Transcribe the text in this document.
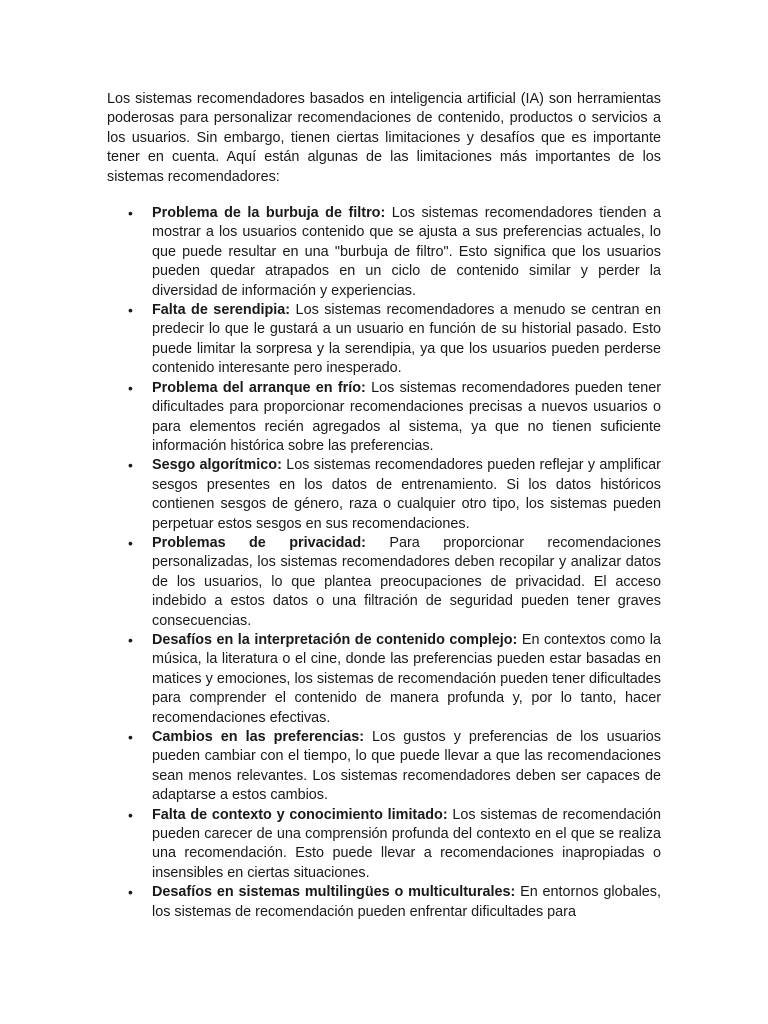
Los sistemas recomendadores basados en inteligencia artificial (IA) son herramientas poderosas para personalizar recomendaciones de contenido, productos o servicios a los usuarios. Sin embargo, tienen ciertas limitaciones y desafíos que es importante tener en cuenta. Aquí están algunas de las limitaciones más importantes de los sistemas recomendadores:

• Problema de la burbuja de filtro: Los sistemas recomendadores tienden a mostrar a los usuarios contenido que se ajusta a sus preferencias actuales, lo que puede resultar en una "burbuja de filtro". Esto significa que los usuarios pueden quedar atrapados en un ciclo de contenido similar y perder la diversidad de información y experiencias.
• Falta de serendipia: Los sistemas recomendadores a menudo se centran en predecir lo que le gustará a un usuario en función de su historial pasado. Esto puede limitar la sorpresa y la serendipia, ya que los usuarios pueden perderse contenido interesante pero inesperado.
• Problema del arranque en frío: Los sistemas recomendadores pueden tener dificultades para proporcionar recomendaciones precisas a nuevos usuarios o para elementos recién agregados al sistema, ya que no tienen suficiente información histórica sobre las preferencias.
• Sesgo algorítmico: Los sistemas recomendadores pueden reflejar y amplificar sesgos presentes en los datos de entrenamiento. Si los datos históricos contienen sesgos de género, raza o cualquier otro tipo, los sistemas pueden perpetuar estos sesgos en sus recomendaciones.
• Problemas de privacidad: Para proporcionar recomendaciones personalizadas, los sistemas recomendadores deben recopilar y analizar datos de los usuarios, lo que plantea preocupaciones de privacidad. El acceso indebido a estos datos o una filtración de seguridad pueden tener graves consecuencias.
• Desafíos en la interpretación de contenido complejo: En contextos como la música, la literatura o el cine, donde las preferencias pueden estar basadas en matices y emociones, los sistemas de recomendación pueden tener dificultades para comprender el contenido de manera profunda y, por lo tanto, hacer recomendaciones efectivas.
• Cambios en las preferencias: Los gustos y preferencias de los usuarios pueden cambiar con el tiempo, lo que puede llevar a que las recomendaciones sean menos relevantes. Los sistemas recomendadores deben ser capaces de adaptarse a estos cambios.
• Falta de contexto y conocimiento limitado: Los sistemas de recomendación pueden carecer de una comprensión profunda del contexto en el que se realiza una recomendación. Esto puede llevar a recomendaciones inapropiadas o insensibles en ciertas situaciones.
• Desafíos en sistemas multilingües o multiculturales: En entornos globales, los sistemas de recomendación pueden enfrentar dificultades para
